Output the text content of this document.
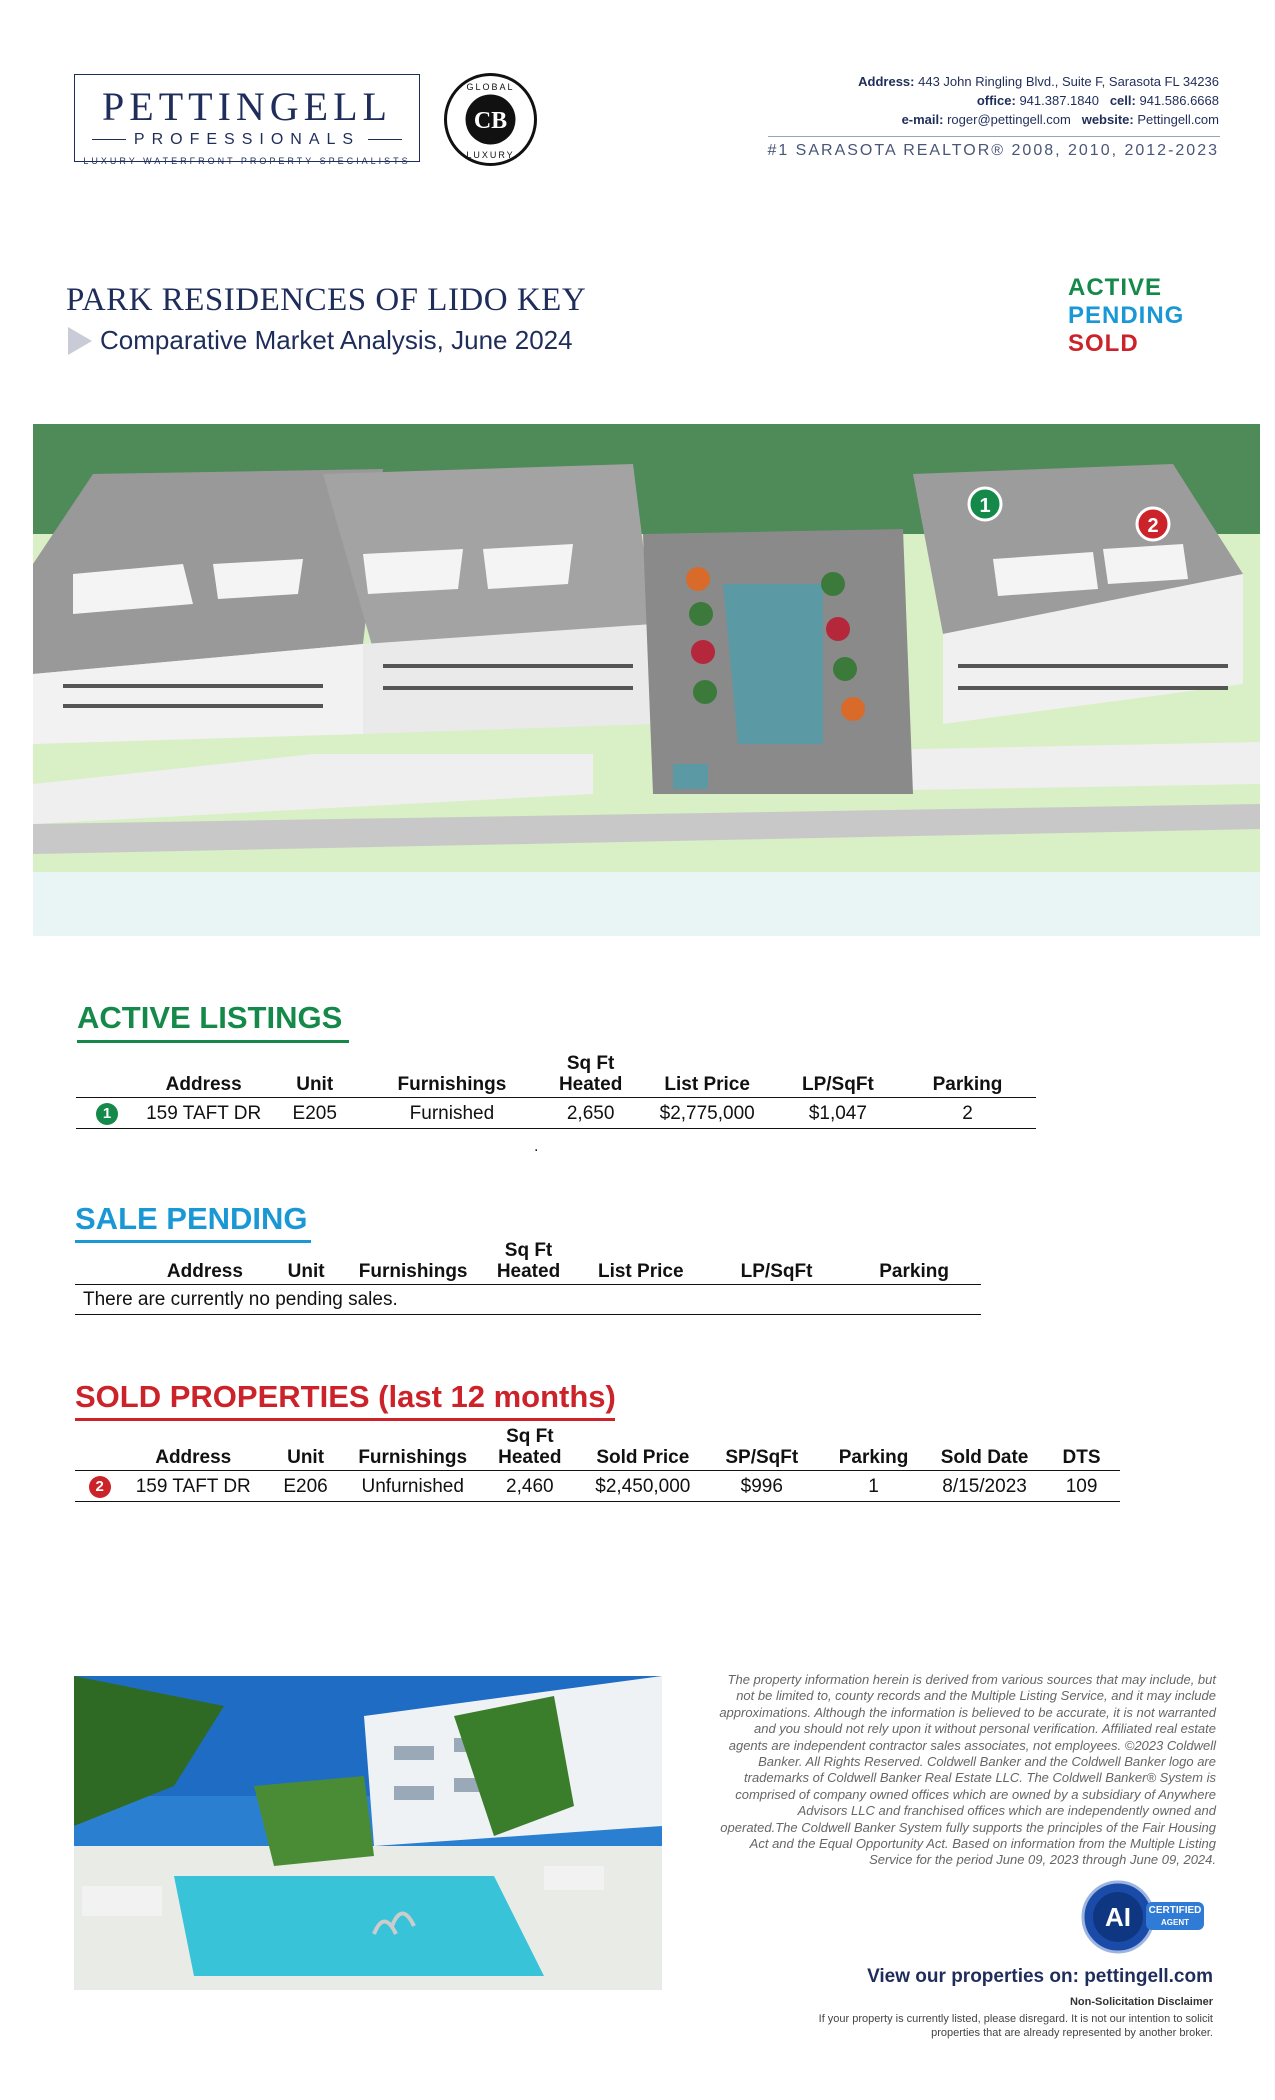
PETTINGELL
PROFESSIONALS
LUXURY WATERFRONT PROPERTY SPECIALISTS
CB
GLOBAL
LUXURY
Address: 443 John Ringling Blvd., Suite F, Sarasota FL 34236
office: 941.387.1840 cell: 941.586.6668
e-mail: roger@pettingell.com website: Pettingell.com
#1 SARASOTA REALTOR® 2008, 2010, 2012-2023
PARK RESIDENCES OF LIDO KEY
Comparative Market Analysis, June 2024
ACTIVE
PENDING
SOLD
1
2
ACTIVE LISTINGS
	Address	Unit	Furnishings	Sq Ft
Heated	List Price	LP/SqFt	Parking
1	159 TAFT DR	E205	Furnished	2,650	$2,775,000	$1,047	2
.
SALE PENDING
	Address	Unit	Furnishings	Sq Ft
Heated	List Price	LP/SqFt	Parking
There are currently no pending sales.
SOLD PROPERTIES (last 12 months)
	Address	Unit	Furnishings	Sq Ft
Heated	Sold Price	SP/SqFt	Parking	Sold Date	DTS
2	159 TAFT DR	E206	Unfurnished	2,460	$2,450,000	$996	1	8/15/2023	109
The property information herein is derived from various sources that may include, but not be limited to, county records and the Multiple Listing Service, and it may include approximations. Although the information is believed to be accurate, it is not warranted and you should not rely upon it without personal verification. Affiliated real estate agents are independent contractor sales associates, not employees. ©2023 Coldwell Banker. All Rights Reserved. Coldwell Banker and the Coldwell Banker logo are trademarks of Coldwell Banker Real Estate LLC. The Coldwell Banker® System is comprised of company owned offices which are owned by a subsidiary of Anywhere Advisors LLC and franchised offices which are independently owned and operated.The Coldwell Banker System fully supports the principles of the Fair Housing Act and the Equal Opportunity Act. Based on information from the Multiple Listing Service for the period June 09, 2023 through June 09, 2024.
AI CERTIFIED
AGENT
View our properties on: pettingell.com
Non-Solicitation Disclaimer
If your property is currently listed, please disregard. It is not our intention to solicit properties that are already represented by another broker.
